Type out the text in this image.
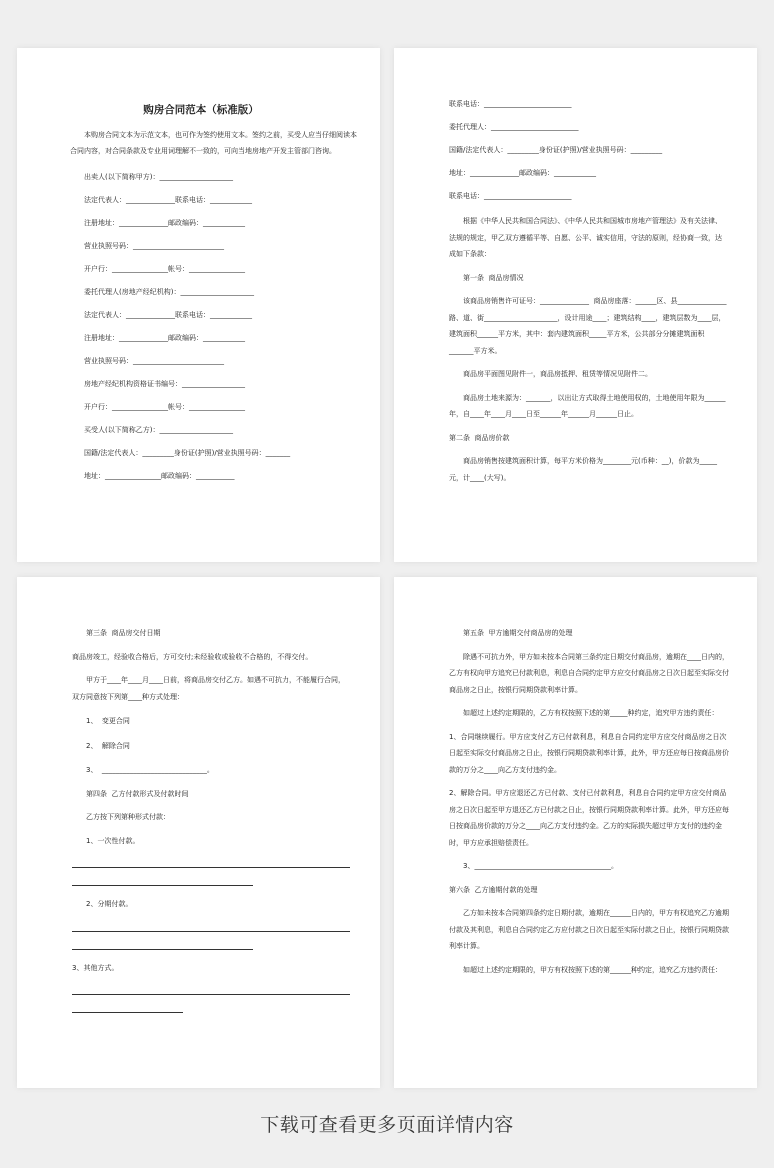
购房合同范本（标准版）

本购房合同文本为示范文本，也可作为签约使用文本。签约之前，买受人应当仔细阅读本合同内容，对合同条款及专业用词理解不一致的，可向当地房地产开发主管部门咨询。

出卖人(以下简称甲方)：_____________________

法定代表人：______________联系电话：____________

注册地址：______________邮政编码：____________

营业执照号码：__________________________

开户行：________________帐号：________________

委托代理人(房地产经纪机构)：_____________________

法定代表人：______________联系电话：____________

注册地址：______________邮政编码：____________

营业执照号码：__________________________

房地产经纪机构资格证书编号：__________________

开户行：________________帐号：________________

买受人(以下简称乙方)：_____________________

国籍/法定代表人：_________身份证(护照)/营业执照号码：_______

地址：________________邮政编码：___________

联系电话：_________________________

委托代理人：_________________________

国籍/法定代表人：_________身份证(护照)/营业执照号码：_________

地址：______________邮政编码：____________

联系电话：_________________________

根据《中华人民共和国合同法》、《中华人民共和国城市房地产管理法》及有关法律、法规的规定，甲乙双方遵循平等、自愿、公平、诚实信用，守法的原则，经协商一致，达成如下条款：

第一条  商品房情况

该商品房销售许可证号：______________  商品房座落：______区、县______________路、道、街_____________________，设计用途____；建筑结构____，建筑层数为____层，建筑面积______平方米，其中：套内建筑面积_____平方米，公共部分分摊建筑面积_______平方米。

商品房平面图见附件一，商品房抵押、租赁等情况见附件二。

商品房土地来源为：_______，以出让方式取得土地使用权的，土地使用年限为______年，自____年____月____日至______年______月______日止。

第二条  商品房价款

商品房销售按建筑面积计算，每平方米价格为________元(币种：__)，价款为_____元，计____(大写)。

第三条  商品房交付日期

商品房竣工，经验收合格后，方可交付;未经验收或验收不合格的，不得交付。

甲方于____年____月____日前，将商品房交付乙方。如遇不可抗力，不能履行合同，双方同意按下列第____种方式处理：

1、  变更合同

2、  解除合同

3、  ______________________________。

第四条  乙方付款形式及付款时间

乙方按下列第种形式付款：

1、一次性付款。

2、分期付款。

3、其他方式。

第五条  甲方逾期交付商品房的处理

除遇不可抗力外，甲方如未按本合同第三条约定日期交付商品房，逾期在____日内的，乙方有权向甲方追究已付款利息，利息自合同约定甲方应交付商品房之日次日起至实际交付商品房之日止，按银行同期贷款利率计算。

如超过上述约定期限的，乙方有权按照下述的第_____种约定，追究甲方违约责任：

1、合同继续履行。甲方应支付乙方已付款利息，利息自合同约定甲方应交付商品房之日次日起至实际交付商品房之日止，按银行同期贷款利率计算，此外，甲方还应每日按商品房价款的万分之____向乙方支付违约金。

2、解除合同。甲方应退还乙方已付款、支付已付款利息，利息自合同约定甲方应交付商品房之日次日起至甲方退还乙方已付款之日止，按银行同期贷款利率计算。此外，甲方还应每日按商品房价款的万分之____向乙方支付违约金。乙方的实际损失超过甲方支付的违约金时，甲方应承担赔偿责任。

3、_______________________________________。

第六条  乙方逾期付款的处理

乙方如未按本合同第四条约定日期付款，逾期在______日内的，甲方有权追究乙方逾期付款及其利息，利息自合同约定乙方应付款之日次日起至实际付款之日止，按银行同期贷款利率计算。

如超过上述约定期限的，甲方有权按照下述的第______种约定，追究乙方违约责任：

下载可查看更多页面详情内容
